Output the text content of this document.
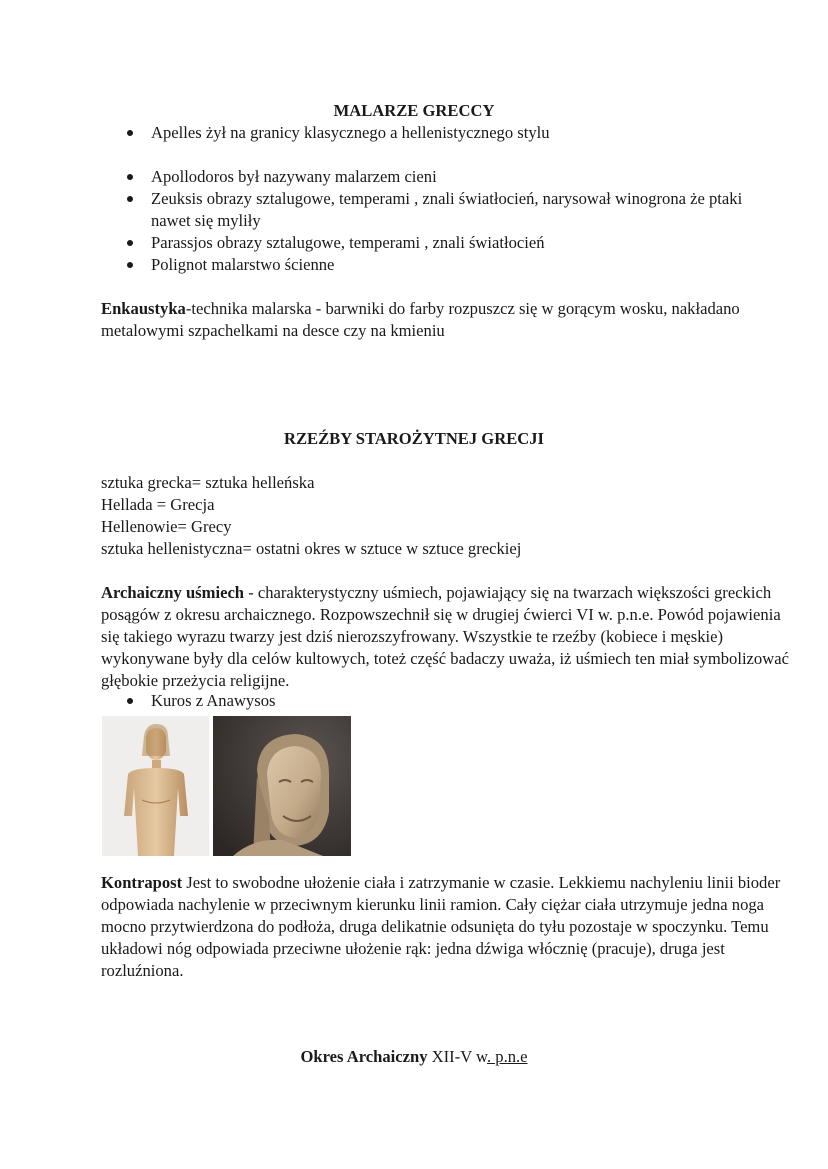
MALARZE GRECCY
Apelles żył na granicy klasycznego a hellenistycznego stylu
Apollodoros był nazywany malarzem cieni
Zeuksis obrazy sztalugowe, temperami , znali światłocień, narysował winogrona że ptaki nawet się myliły
Parassjos obrazy sztalugowe, temperami , znali światłocień
Polignot malarstwo ścienne

Enkaustyka-technika malarska - barwniki do farby rozpuszcz się w gorącym wosku, nakładano metalowymi szpachelkami na desce czy na kmieniu

RZEŹBY STAROŻYTNEJ GRECJI

sztuka grecka= sztuka helleńska

Hellada = Grecja

Hellenowie= Grecy

sztuka hellenistyczna= ostatni okres w sztuce w sztuce greckiej

Archaiczny uśmiech - charakterystyczny uśmiech, pojawiający się na twarzach większości greckich posągów z okresu archaicznego. Rozpowszechnił się w drugiej ćwierci VI w. p.n.e. Powód pojawienia się takiego wyrazu twarzy jest dziś nierozszyfrowany. Wszystkie te rzeźby (kobiece i męskie) wykonywane były dla celów kultowych, toteż część badaczy uważa, iż uśmiech ten miał symbolizować głębokie przeżycia religijne.

Kuros z Anawysos

Kontrapost Jest to swobodne ułożenie ciała i zatrzymanie w czasie. Lekkiemu nachyleniu linii bioder odpowiada nachylenie w przeciwnym kierunku linii ramion. Cały ciężar ciała utrzymuje jedna noga mocno przytwierdzona do podłoża, druga delikatnie odsunięta do tyłu pozostaje w spoczynku. Temu układowi nóg odpowiada przeciwne ułożenie rąk: jedna dźwiga włócznię (pracuje), druga jest rozluźniona.

Okres Archaiczny XII-V w. p.n.e
